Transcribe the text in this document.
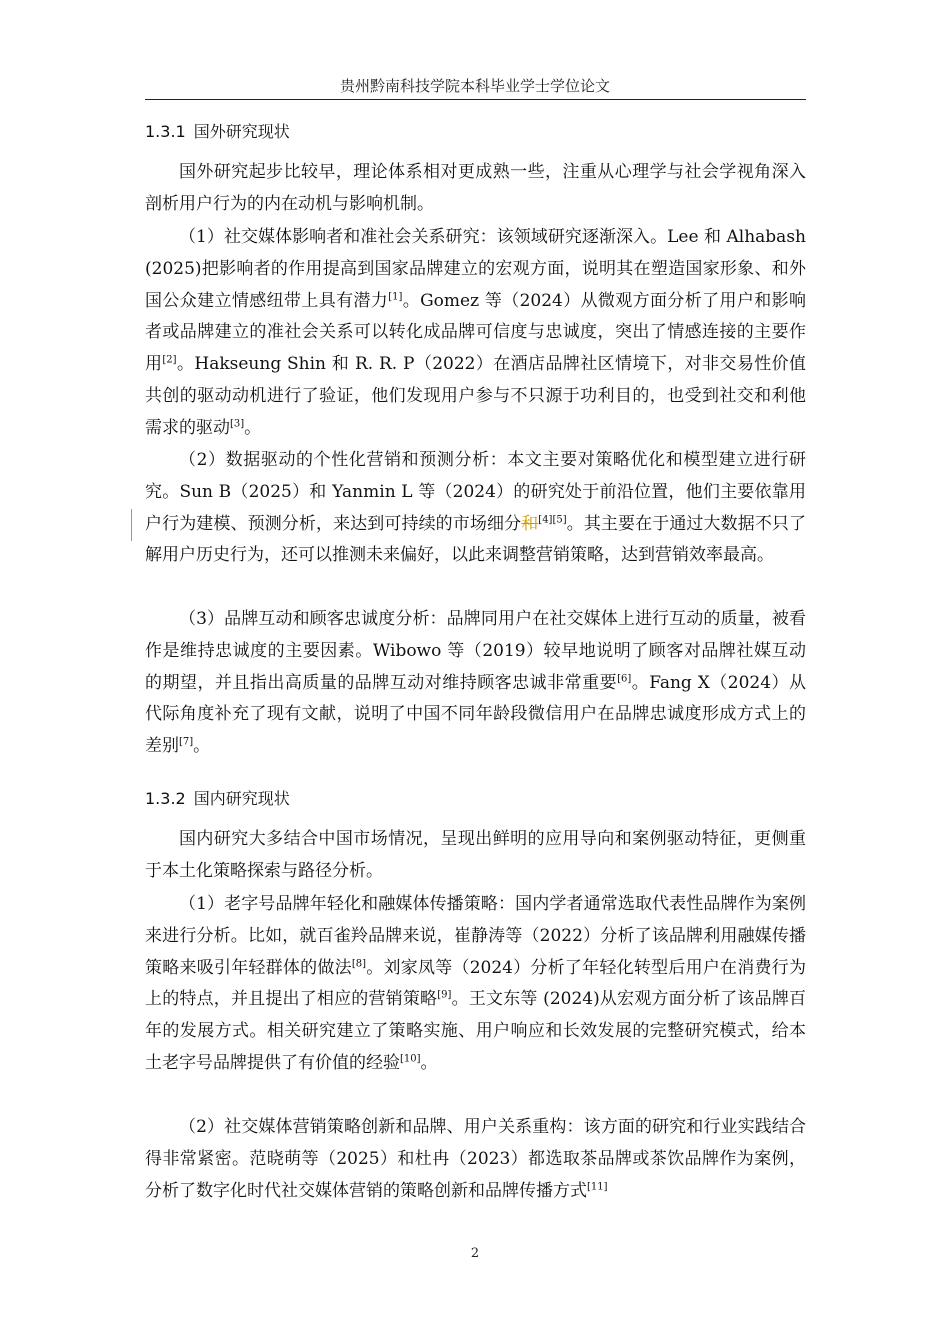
贵州黔南科技学院本科毕业学士学位论文
1.3.1 国外研究现状

国外研究起步比较早，理论体系相对更成熟一些，注重从心理学与社会学视角深入剖析用户行为的内在动机与影响机制。

（1）社交媒体影响者和准社会关系研究：该领域研究逐渐深入。Lee 和 Alhabash (2025)把影响者的作用提高到国家品牌建立的宏观方面，说明其在塑造国家形象、和外国公众建立情感纽带上具有潜力[1]。Gomez 等（2024）从微观方面分析了用户和影响者或品牌建立的准社会关系可以转化成品牌可信度与忠诚度，突出了情感连接的主要作用[2]。Hakseung Shin 和 R. R. P（2022）在酒店品牌社区情境下，对非交易性价值共创的驱动动机进行了验证，他们发现用户参与不只源于功利目的，也受到社交和利他需求的驱动[3]。

（2）数据驱动的个性化营销和预测分析：本文主要对策略优化和模型建立进行研究。Sun B（2025）和 Yanmin L 等（2024）的研究处于前沿位置，他们主要依靠用户行为建模、预测分析，来达到可持续的市场细分和[4][5]。其主要在于通过大数据不只了解用户历史行为，还可以推测未来偏好，以此来调整营销策略，达到营销效率最高。

（3）品牌互动和顾客忠诚度分析：品牌同用户在社交媒体上进行互动的质量，被看作是维持忠诚度的主要因素。Wibowo 等（2019）较早地说明了顾客对品牌社媒互动的期望，并且指出高质量的品牌互动对维持顾客忠诚非常重要[6]。Fang X（2024）从代际角度补充了现有文献，说明了中国不同年龄段微信用户在品牌忠诚度形成方式上的差别[7]。

1.3.2 国内研究现状

国内研究大多结合中国市场情况，呈现出鲜明的应用导向和案例驱动特征，更侧重于本土化策略探索与路径分析。

（1）老字号品牌年轻化和融媒体传播策略：国内学者通常选取代表性品牌作为案例来进行分析。比如，就百雀羚品牌来说，崔静涛等（2022）分析了该品牌利用融媒传播策略来吸引年轻群体的做法[8]。刘家凤等（2024）分析了年轻化转型后用户在消费行为上的特点，并且提出了相应的营销策略[9]。王文东等 (2024)从宏观方面分析了该品牌百年的发展方式。相关研究建立了策略实施、用户响应和长效发展的完整研究模式，给本土老字号品牌提供了有价值的经验[10]。

（2）社交媒体营销策略创新和品牌、用户关系重构：该方面的研究和行业实践结合得非常紧密。范晓萌等（2025）和杜冉（2023）都选取茶品牌或茶饮品牌作为案例，分析了数字化时代社交媒体营销的策略创新和品牌传播方式[11]

2
